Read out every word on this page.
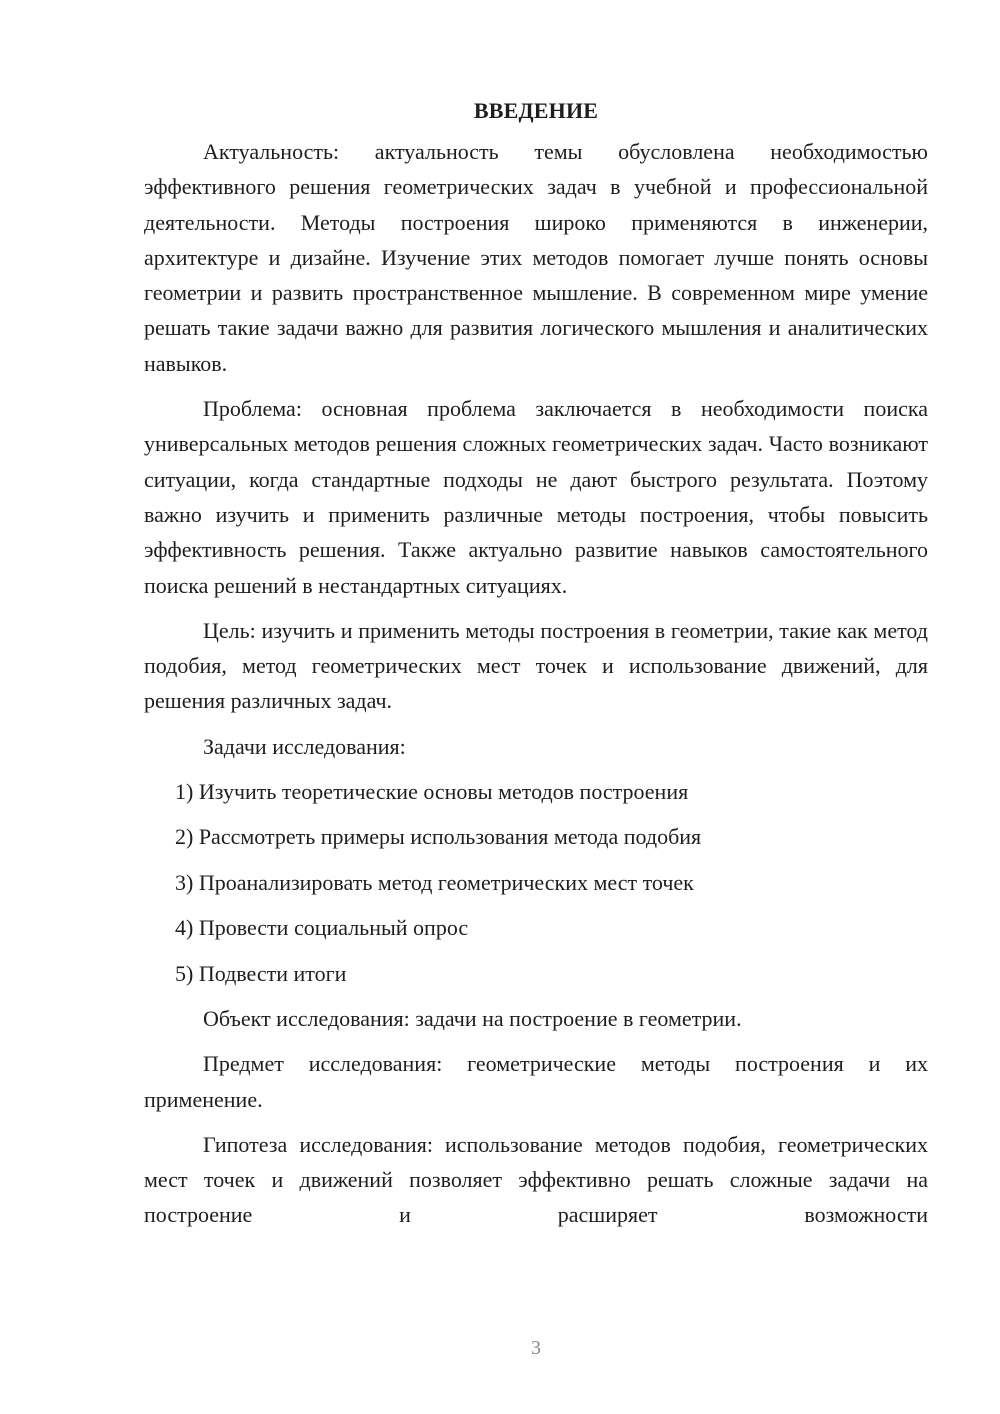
ВВЕДЕНИЕ

Актуальность: актуальность темы обусловлена необходимостью эффективного решения геометрических задач в учебной и профессиональной деятельности. Методы построения широко применяются в инженерии, архитектуре и дизайне. Изучение этих методов помогает лучше понять основы геометрии и развить пространственное мышление. В современном мире умение решать такие задачи важно для развития логического мышления и аналитических навыков.

Проблема: основная проблема заключается в необходимости поиска универсальных методов решения сложных геометрических задач. Часто возникают ситуации, когда стандартные подходы не дают быстрого результата. Поэтому важно изучить и применить различные методы построения, чтобы повысить эффективность решения. Также актуально развитие навыков самостоятельного поиска решений в нестандартных ситуациях.

Цель: изучить и применить методы построения в геометрии, такие как метод подобия, метод геометрических мест точек и использование движений, для решения различных задач.

Задачи исследования:

1) Изучить теоретические основы методов построения
2) Рассмотреть примеры использования метода подобия
3) Проанализировать метод геометрических мест точек
4) Провести социальный опрос
5) Подвести итоги

Объект исследования: задачи на построение в геометрии.

Предмет исследования: геометрические методы построения и их применение.

Гипотеза исследования: использование методов подобия, геометрических мест точек и движений позволяет эффективно решать сложные задачи на построение и расширяет возможности

3
